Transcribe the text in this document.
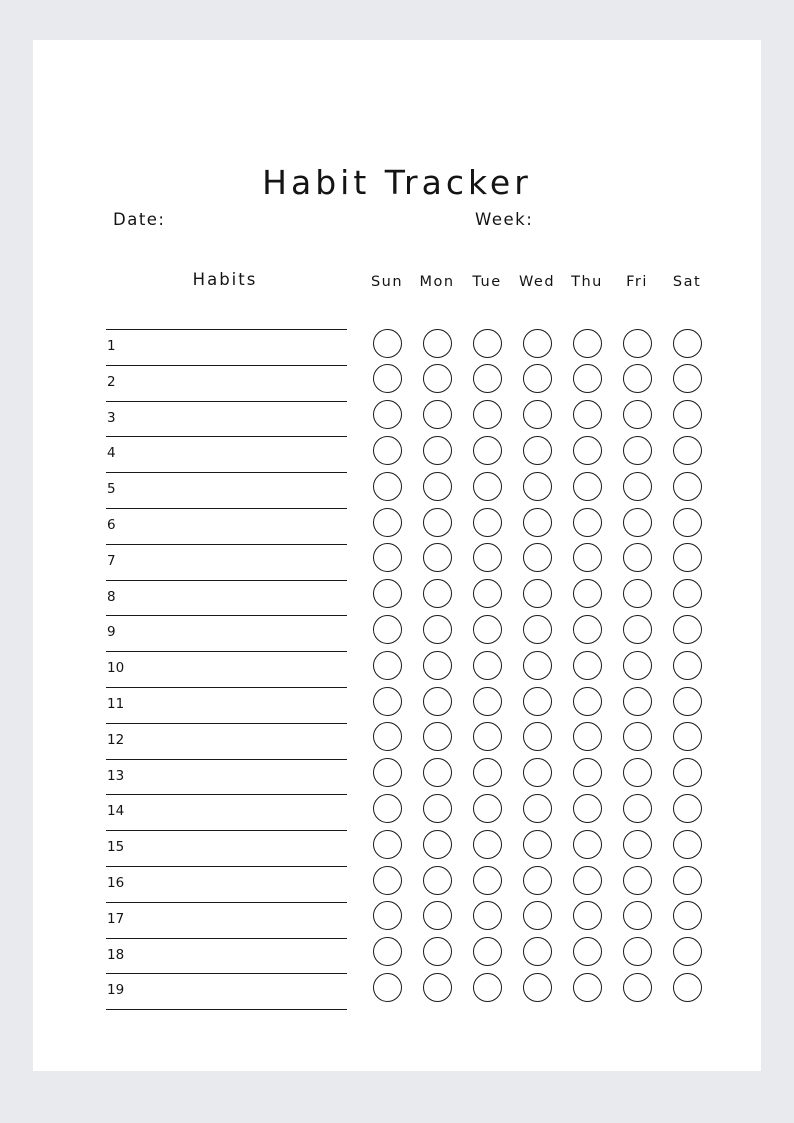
Habit Tracker
Date:	Week:
Habits	Sun	Mon	Tue	Wed	Thu	Fri	Sat
1
2
3
4
5
6
7
8
9
10
11
12
13
14
15
16
17
18
19
